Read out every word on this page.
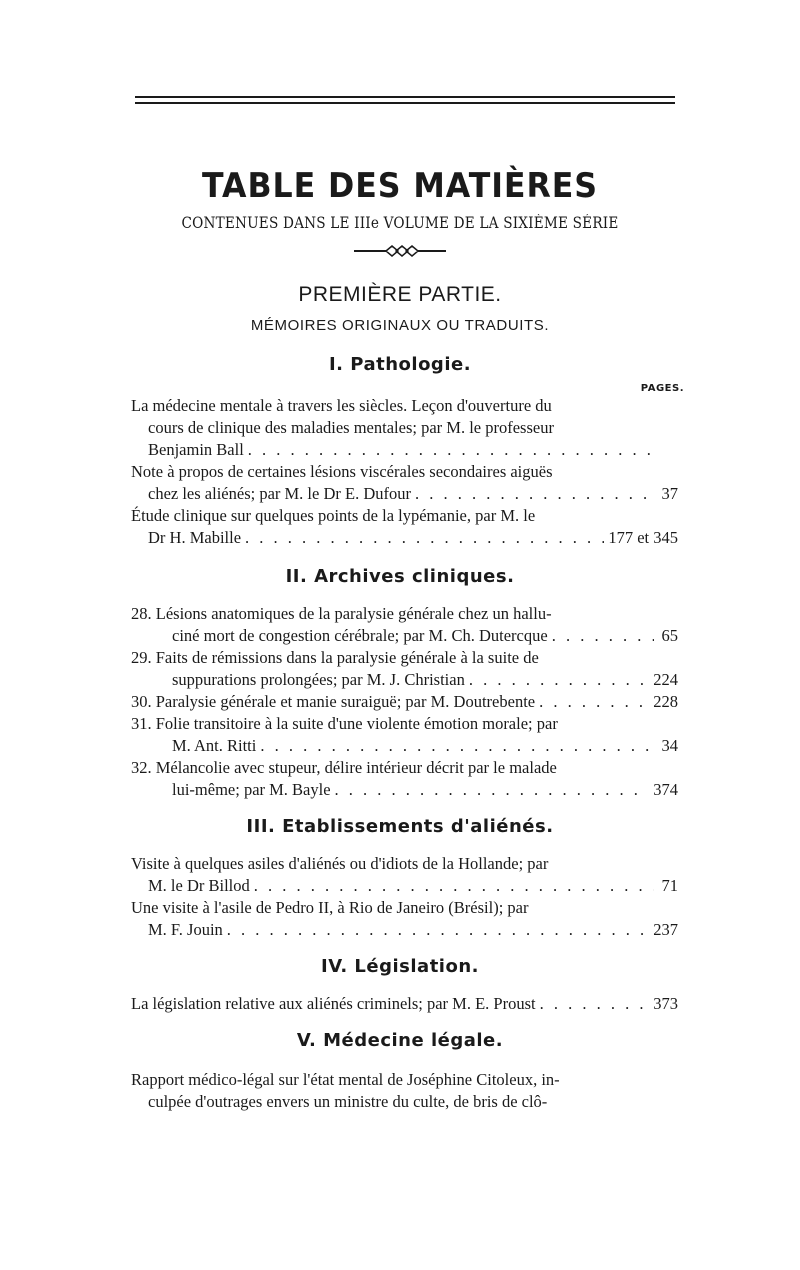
TABLE DES MATIÈRES
CONTENUES DANS LE IIIe VOLUME DE LA SIXIÈME SÉRIE
PREMIÈRE PARTIE.
MÉMOIRES ORIGINAUX OU TRADUITS.
I. Pathologie.
PAGES.
La médecine mentale à travers les siècles. Leçon d'ouverture du
cours de clinique des maladies mentales; par M. le professeur
Benjamin Ball
. . .
Note à propos de certaines lésions viscérales secondaires aiguës
chez les aliénés; par M. le Dr E. Dufour . . .	37
Étude clinique sur quelques points de la lypémanie, par M. le
Dr H. Mabille . . .	177 et 345
II. Archives cliniques.
28. Lésions anatomiques de la paralysie générale chez un hallu-
ciné mort de congestion cérébrale; par M. Ch. Dutercque . . .	65
29. Faits de rémissions dans la paralysie générale à la suite de
suppurations prolongées; par M. J. Christian . . .	224
30. Paralysie générale et manie suraiguë; par M. Doutrebente . . .	228
31. Folie transitoire à la suite d'une violente émotion morale; par
M. Ant. Ritti . . .	34
32. Mélancolie avec stupeur, délire intérieur décrit par le malade
lui-même; par M. Bayle . . .	374
III. Etablissements d'aliénés.
Visite à quelques asiles d'aliénés ou d'idiots de la Hollande; par
M. le Dr Billod . . .	71
Une visite à l'asile de Pedro II, à Rio de Janeiro (Brésil); par
M. F. Jouin . . .	237
IV. Législation.
La législation relative aux aliénés criminels; par M. E. Proust . . .	373
V. Médecine légale.
Rapport médico-légal sur l'état mental de Joséphine Citoleux, in-
culpée d'outrages envers un ministre du culte, de bris de clô-
